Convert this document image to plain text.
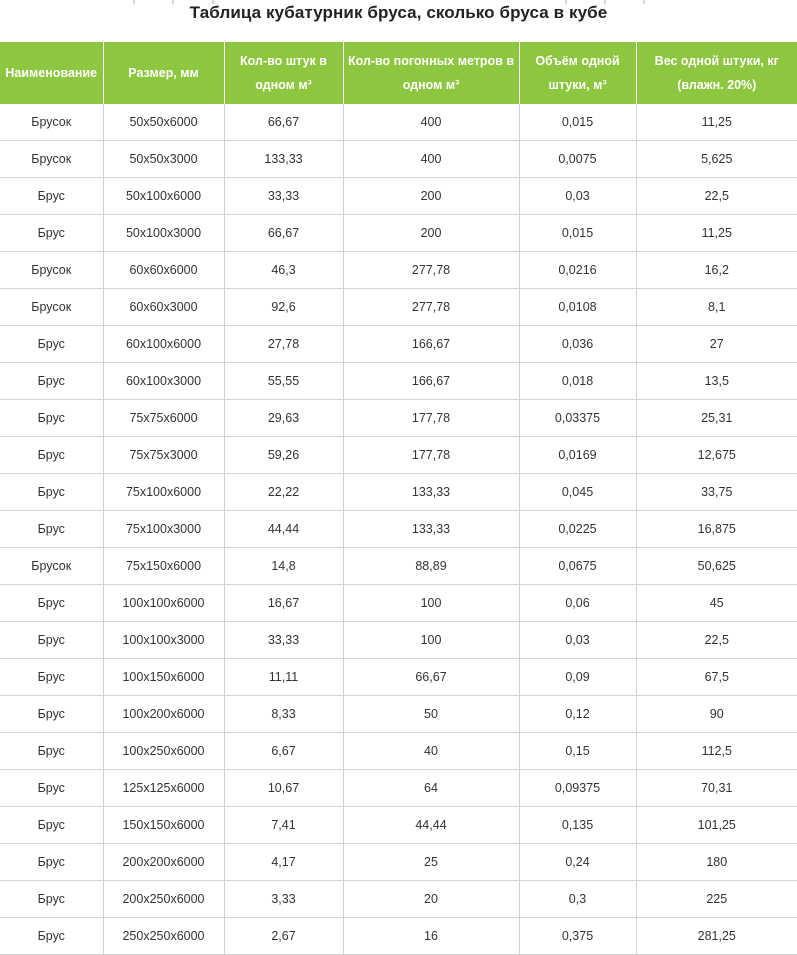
Таблица кубатурник бруса, сколько бруса в кубе
Наименование	Размер, мм	Кол-во штук в одном м³	Кол-во погонных метров в одном м³	Объём одной штуки, м³	Вес одной штуки, кг (влажн. 20%)
Брусок	50x50x6000	66,67	400	0,015	11,25
Брусок	50x50x3000	133,33	400	0,0075	5,625
Брус	50x100x6000	33,33	200	0,03	22,5
Брус	50x100x3000	66,67	200	0,015	11,25
Брусок	60x60x6000	46,3	277,78	0,0216	16,2
Брусок	60x60x3000	92,6	277,78	0,0108	8,1
Брус	60x100x6000	27,78	166,67	0,036	27
Брус	60x100x3000	55,55	166,67	0,018	13,5
Брус	75x75x6000	29,63	177,78	0,03375	25,31
Брус	75x75x3000	59,26	177,78	0,0169	12,675
Брус	75x100x6000	22,22	133,33	0,045	33,75
Брус	75x100x3000	44,44	133,33	0,0225	16,875
Брусок	75x150x6000	14,8	88,89	0,0675	50,625
Брус	100x100x6000	16,67	100	0,06	45
Брус	100x100x3000	33,33	100	0,03	22,5
Брус	100x150x6000	11,11	66,67	0,09	67,5
Брус	100x200x6000	8,33	50	0,12	90
Брус	100x250x6000	6,67	40	0,15	112,5
Брус	125x125x6000	10,67	64	0,09375	70,31
Брус	150x150x6000	7,41	44,44	0,135	101,25
Брус	200x200x6000	4,17	25	0,24	180
Брус	200x250x6000	3,33	20	0,3	225
Брус	250x250x6000	2,67	16	0,375	281,25
